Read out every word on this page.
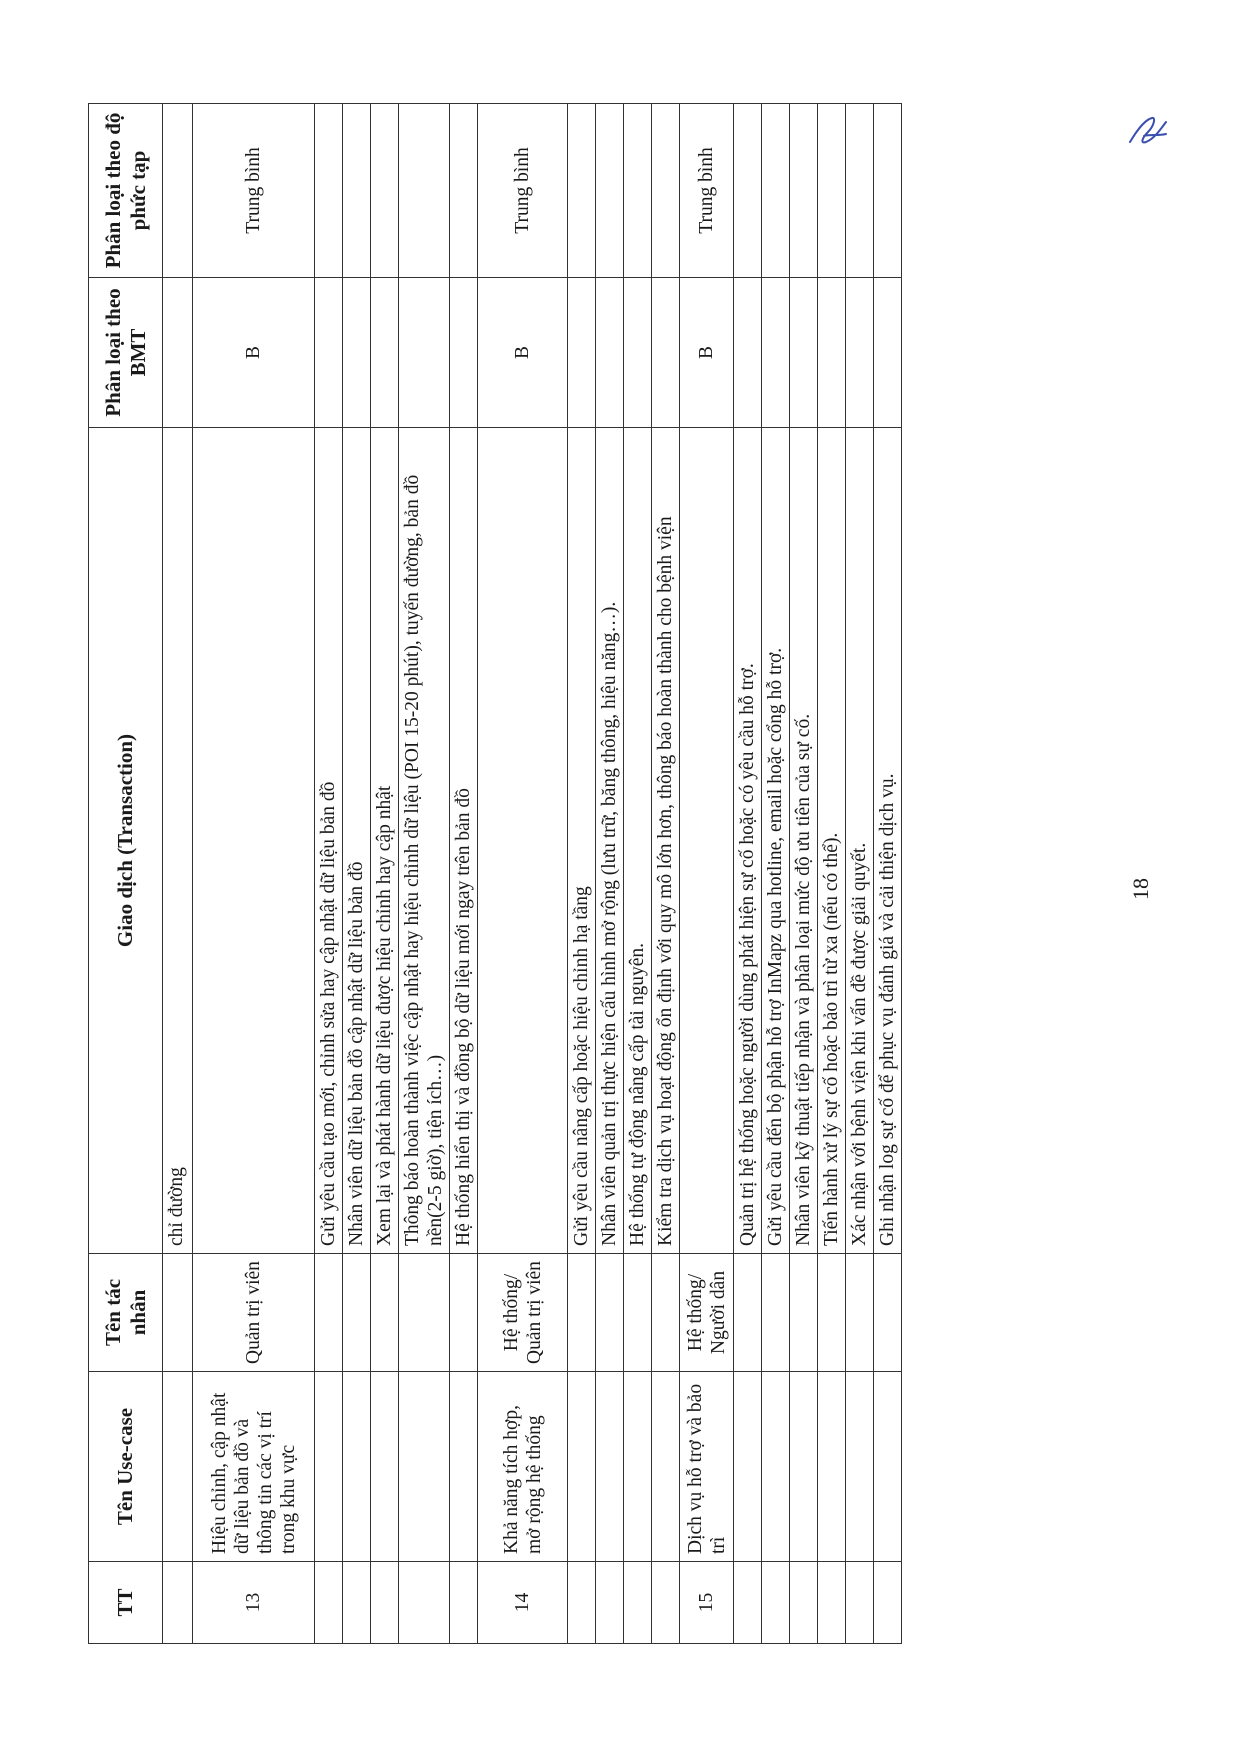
TT	Tên Use-case	Tên tác nhân	Giao dịch (Transaction)	Phân loại theo BMT	Phân loại theo độ phức tạp
			chỉ đường		
13	Hiệu chỉnh, cập nhật dữ liệu bản đồ và thông tin các vị trí trong khu vực	Quản trị viên		B	Trung bình
			Gửi yêu cầu tạo mới, chỉnh sửa hay cập nhật dữ liệu bản đồ		
			Nhân viên dữ liệu bản đồ cập nhật dữ liệu bản đồ		
			Xem lại và phát hành dữ liệu được hiệu chỉnh hay cập nhật		
			Thông báo hoàn thành việc cập nhật hay hiệu chỉnh dữ liệu (POI 15-20 phút), tuyến đường, bản đồ nền(2-5 giờ), tiện ích…)		
			Hệ thống hiển thị và đồng bộ dữ liệu mới ngay trên bản đồ		
14	Khả năng tích hợp, mở rộng hệ thống	Hệ thống/ Quản trị viên		B	Trung bình
			Gửi yêu cầu nâng cấp hoặc hiệu chỉnh hạ tầng		
			Nhân viên quản trị thực hiện cấu hình mở rộng (lưu trữ, băng thông, hiệu năng…).		
			Hệ thống tự động nâng cấp tài nguyên.		
			Kiểm tra dịch vụ hoạt động ổn định với quy mô lớn hơn, thông báo hoàn thành cho bệnh viện		
15	Dịch vụ hỗ trợ và bảo trì	Hệ thống/ Người dân		B	Trung bình
			Quản trị hệ thống hoặc người dùng phát hiện sự cố hoặc có yêu cầu hỗ trợ.		
			Gửi yêu cầu đến bộ phận hỗ trợ InMapz qua hotline, email hoặc cổng hỗ trợ.		
			Nhân viên kỹ thuật tiếp nhận và phân loại mức độ ưu tiên của sự cố.		
			Tiến hành xử lý sự cố hoặc bảo trì từ xa (nếu có thể).		
			Xác nhận với bệnh viện khi vấn đề được giải quyết.		
			Ghi nhận log sự cố để phục vụ đánh giá và cải thiện dịch vụ.			18
